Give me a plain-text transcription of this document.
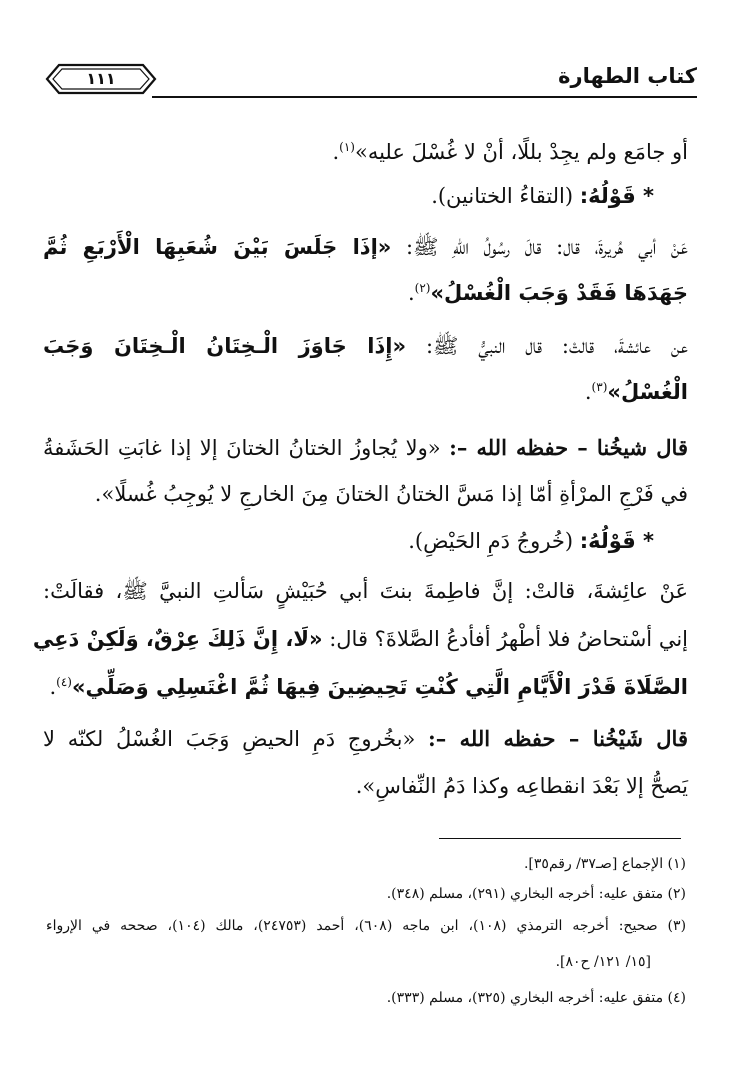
كتاب الطهارة
١١١
أو جامَع ولم يجِدْ بللًا، أنْ لا غُسْلَ عليه»$^{(١)}$.
* قَوْلُهُ: (التقاءُ الختانين).
عَنْ أبي هُريرةَ، قال: قالَ رسُولُ اللهِ ﷺ: «إذَا جَلَسَ بَيْنَ شُعَبِهَا الْأَرْبَعِ ثُمَّ
جَهَدَهَا فَقَدْ وَجَبَ الْغُسْلُ»$^{(٢)}$.
عن عائشةَ، قالتْ: قال النبيُّ ﷺ: «إِذَا جَاوَزَ الْـخِتَانُ الْـخِتَانَ وَجَبَ
الْغُسْلُ»$^{(٣)}$.
قال شيخُنا – حفظه الله –: «ولا يُجاوزُ الختانُ الختانَ إلا إذا غابَتِ الحَشَفةُ
في فَرْجِ المرْأةِ أمّا إذا مَسَّ الختانُ الختانَ مِنَ الخارجِ لا يُوجِبُ غُسلًا».
* قَوْلُهُ: (خُروجُ دَمِ الحَيْضِ).
عَنْ عائِشةَ، قالتْ: إنَّ فاطِمةَ بنتَ أبي حُبَيْشٍ سَألتِ النبيَّ ﷺ، فقالَتْ:
إني أسْتحاضُ فلا أطْهرُ أفأدعُ الصَّلاةَ؟ قال: «لَا، إِنَّ ذَلِكَ عِرْقٌ، وَلَكِنْ دَعِي
الصَّلَاةَ قَدْرَ الْأَيَّامِ الَّتِي كُنْتِ تَحِيضِينَ فِيهَا ثُمَّ اغْتَسِلِي وَصَلِّي»$^{(٤)}$.
قال شَيْخُنا – حفظه الله –: «بخُروجِ دَمِ الحيضِ وَجَبَ الغُسْلُ لكنّه لا
يَصحُّ إلا بَعْدَ انقطاعِه وكذا دَمُ النِّفاسِ».
(١) الإجماع [صـ٣٧/ رقم٣٥].
(٢) متفق عليه: أخرجه البخاري (٢٩١)، مسلم (٣٤٨).
(٣) صحيح: أخرجه الترمذي (١٠٨)، ابن ماجه (٦٠٨)، أحمد (٢٤٧٥٣)، مالك (١٠٤)، صححه في الإرواء
[١٥/ ١٢١/ ح٨٠].
(٤) متفق عليه: أخرجه البخاري (٣٢٥)، مسلم (٣٣٣).
